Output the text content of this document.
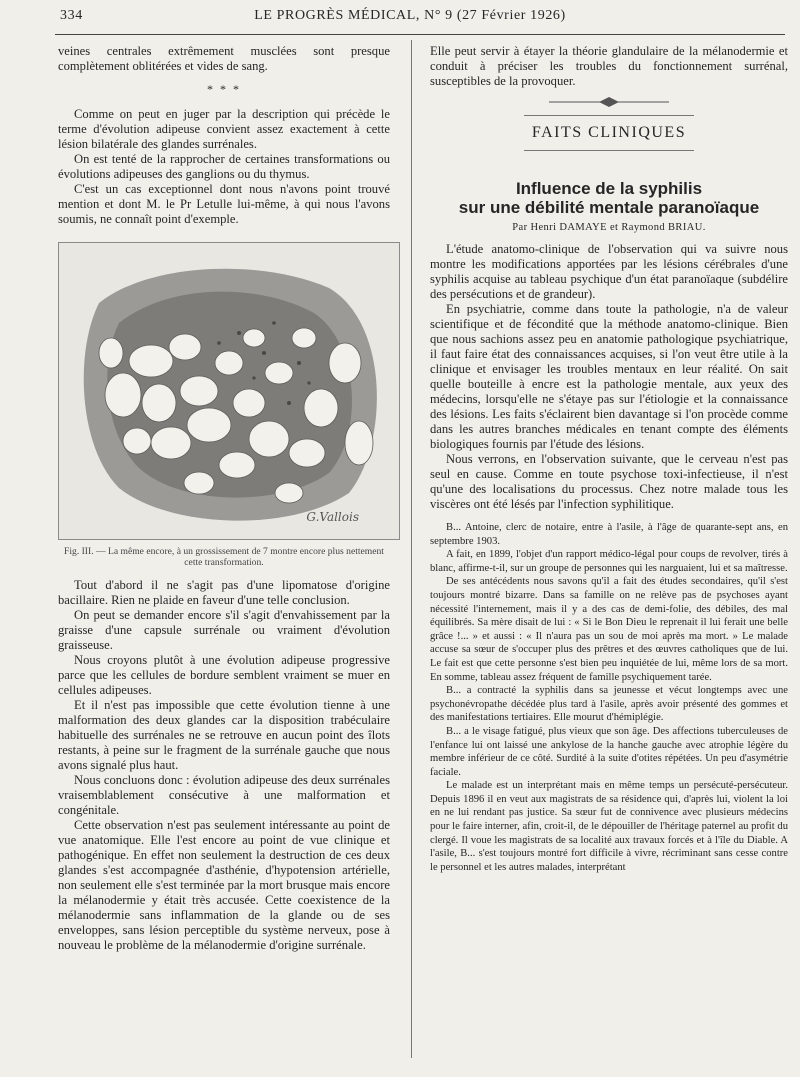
334	LE PROGRÈS MÉDICAL, N° 9 (27 Février 1926)

veines centrales extrêmement musclées sont presque complètement oblitérées et vides de sang.

* * *

Comme on peut en juger par la description qui précède le terme d'évolution adipeuse convient assez exactement à cette lésion bilatérale des glandes surrénales.

On est tenté de la rapprocher de certaines transformations ou évolutions adipeuses des ganglions ou du thymus.

C'est un cas exceptionnel dont nous n'avons point trouvé mention et dont M. le Pr Letulle lui-même, à qui nous l'avons soumis, ne connaît point d'exemple.

G.Vallois

Fig. III. — La même encore, à un grossissement de 7 montre encore plus nettement cette transformation.

Tout d'abord il ne s'agit pas d'une lipomatose d'origine bacillaire. Rien ne plaide en faveur d'une telle conclusion.

On peut se demander encore s'il s'agit d'envahissement par la graisse d'une capsule surrénale ou vraiment d'évolution graisseuse.

Nous croyons plutôt à une évolution adipeuse progressive parce que les cellules de bordure semblent vraiment se muer en cellules adipeuses.

Et il n'est pas impossible que cette évolution tienne à une malformation des deux glandes car la disposition trabéculaire habituelle des surrénales ne se retrouve en aucun point des îlots restants, à peine sur le fragment de la surrénale gauche que nous avons signalé plus haut.

Nous concluons donc : évolution adipeuse des deux surrénales vraisemblablement consécutive à une malformation et congénitale.

Cette observation n'est pas seulement intéressante au point de vue anatomique. Elle l'est encore au point de vue clinique et pathogénique. En effet non seulement la destruction de ces deux glandes s'est accompagnée d'asthénie, d'hypotension artérielle, non seulement elle s'est terminée par la mort brusque mais encore la mélanodermie y était très accusée. Cette coexistence de la mélanodermie sans inflammation de la glande ou de ses enveloppes, sans lésion perceptible du système nerveux, pose à nouveau le problème de la mélanodermie d'origine surrénale.

Elle peut servir à étayer la théorie glandulaire de la mélanodermie et conduit à préciser les troubles du fonctionnement surrénal, susceptibles de la provoquer.

FAITS CLINIQUES
Influence de la syphilis
sur une débilité mentale paranoïaque
Par Henri DAMAYE et Raymond BRIAU.

L'étude anatomo-clinique de l'observation qui va suivre nous montre les modifications apportées par les lésions cérébrales d'une syphilis acquise au tableau psychique d'un état paranoïaque (subdélire des persécutions et de grandeur).

En psychiatrie, comme dans toute la pathologie, n'a de valeur scientifique et de fécondité que la méthode anatomo-clinique. Bien que nous sachions assez peu en anatomie pathologique psychiatrique, il faut faire état des connaissances acquises, si l'on veut être utile à la clinique et envisager les troubles mentaux en leur réalité. On sait quelle bouteille à encre est la pathologie mentale, aux yeux des médecins, lorsqu'elle ne s'étaye pas sur l'étiologie et la connaissance des lésions. Les faits s'éclairent bien davantage si l'on procède comme dans les autres branches médicales en tenant compte des éléments biologiques fournis par l'étude des lésions.

Nous verrons, en l'observation suivante, que le cerveau n'est pas seul en cause. Comme en toute psychose toxi-infectieuse, il n'est qu'une des localisations du processus. Chez notre malade tous les viscères ont été lésés par l'infection syphilitique.

B... Antoine, clerc de notaire, entre à l'asile, à l'âge de quarante-sept ans, en septembre 1903.

A fait, en 1899, l'objet d'un rapport médico-légal pour coups de revolver, tirés à blanc, affirme-t-il, sur un groupe de personnes qui les narguaient, lui et sa maîtresse.

De ses antécédents nous savons qu'il a fait des études secondaires, qu'il s'est toujours montré bizarre. Dans sa famille on ne relève pas de psychoses ayant nécessité l'internement, mais il y a des cas de demi-folie, des débiles, des mal équilibrés. Sa mère disait de lui : « Si le Bon Dieu le reprenait il lui ferait une belle grâce !... » et aussi : « Il n'aura pas un sou de moi après ma mort. » Le malade accuse sa sœur de s'occuper plus des prêtres et des œuvres catholiques que de lui. Le fait est que cette personne s'est bien peu inquiétée de lui, même lors de sa mort. En somme, tableau assez fréquent de famille psychiquement tarée.

B... a contracté la syphilis dans sa jeunesse et vécut longtemps avec une psychonévropathe décédée plus tard à l'asile, après avoir présenté des gommes et des manifestations tertiaires. Elle mourut d'hémiplégie.

B... a le visage fatigué, plus vieux que son âge. Des affections tuberculeuses de l'enfance lui ont laissé une ankylose de la hanche gauche avec atrophie légère du membre inférieur de ce côté. Surdité à la suite d'otites répétées. Un peu d'asymétrie faciale.

Le malade est un interprétant mais en même temps un persécuté-persécuteur. Depuis 1896 il en veut aux magistrats de sa résidence qui, d'après lui, violent la loi en ne lui rendant pas justice. Sa sœur fut de connivence avec plusieurs médecins pour le faire interner, afin, croit-il, de le dépouiller de l'héritage paternel au profit du clergé. Il voue les magistrats de sa localité aux travaux forcés et à l'île du Diable. A l'asile, B... s'est toujours montré fort difficile à vivre, récriminant sans cesse contre le personnel et les autres malades, interprétant
